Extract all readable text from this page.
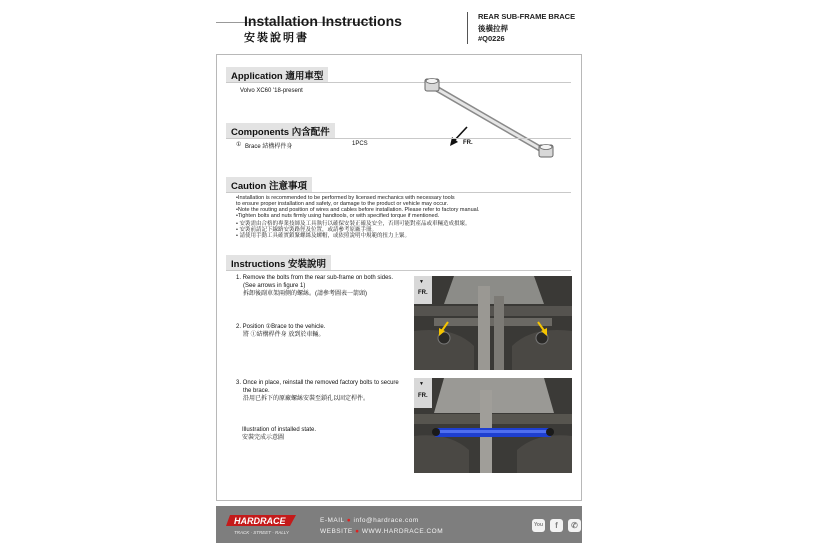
Installation Instructions
安裝說明書
REAR SUB-FRAME BRACE
後橫拉桿
#Q0226
Application 適用車型
Volvo XC60 '18-present
FR.
Components 內含配件
① Brace 結構桿件身	1PCS
Caution 注意事項
•Installation is recommended to be performed by licensed mechanics with necessary tools
to ensure proper installation and safety, or damage to the product or vehicle may occur.
•Note the routing and position of wires and cables before installation. Please refer to factory manual.
•Tighten bolts and nuts firmly using handtools, or with specified torque if mentioned.
• 安裝需由合格的專業技師及工具執行以確保安裝正確及安全，否則可能對產品或車輛造成損壞。
• 安裝前請記下線路安裝路徑及位置，或請參考原廠手冊。
• 請使用手動工具確實鎖緊螺絲及螺帽，或依照說明中規範的扭力上緊。
Instructions 安裝說明
1. Remove the bolts from the rear sub-frame on both sides.
(See arrows in figure 1)
拆卸後副車架兩側的螺絲。(請參考圖表一箭頭)
2. Position ①Brace to the vehicle.
將 ①結構桿件身 放到於車輛。
3. Once in place, reinstall the removed factory bolts to secure
the brace.
沿用已拆下的原廠螺絲安裝至鎖孔以固定桿件。
Illustration of installed state.
安裝完成示意圖
▼
FR.
▼
FR.
HARDRACE
TRACK · STREET · RALLY
E-MAIL ● info@hardrace.com
WEBSITE ● WWW.HARDRACE.COM
You	f	✆
